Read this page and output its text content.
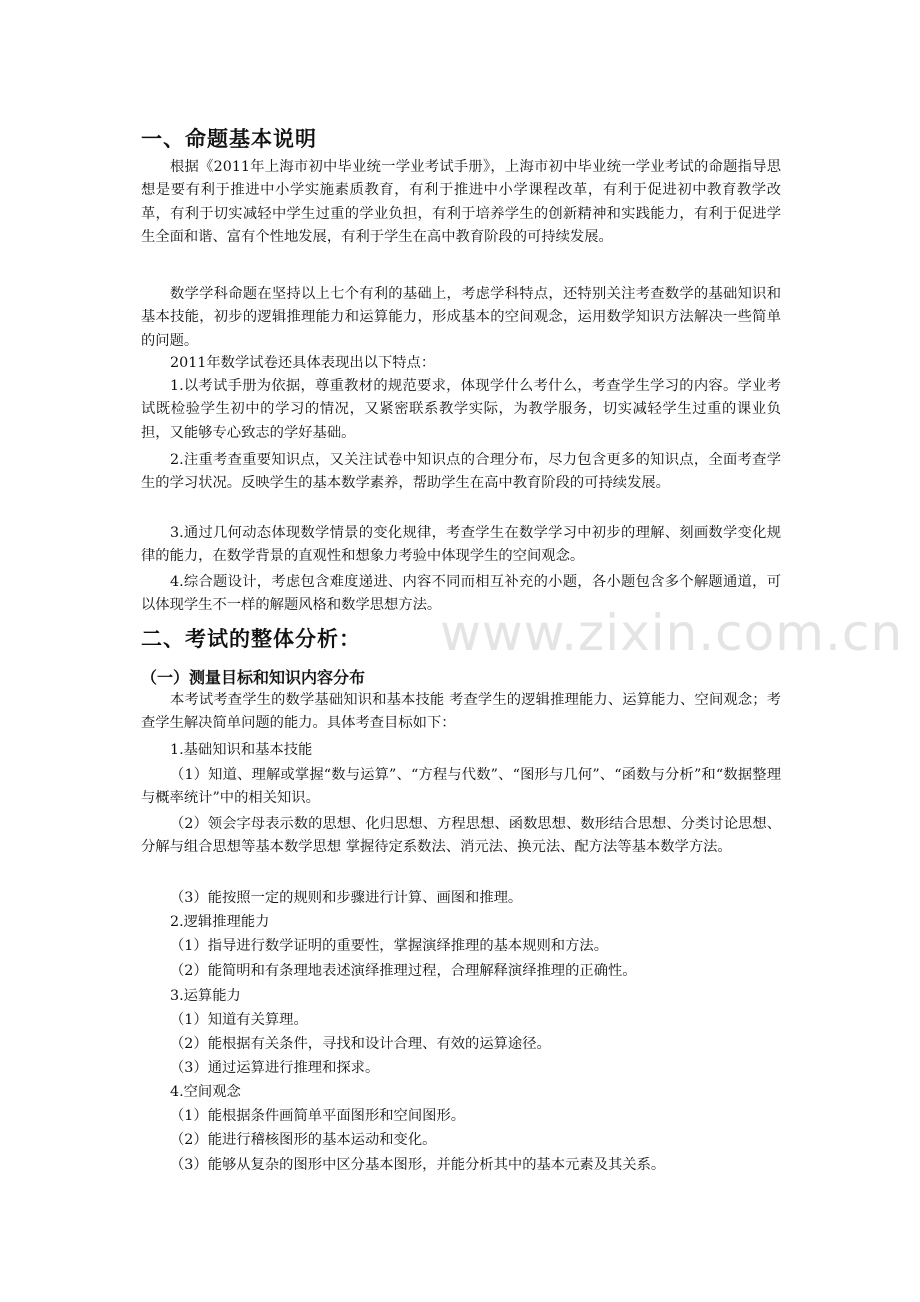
www.zixin.com.cn
一、命题基本说明

根据《2011年上海市初中毕业统一学业考试手册》，上海市初中毕业统一学业考试的命题指导思想是要有利于推进中小学实施素质教育，有利于推进中小学课程改革，有利于促进初中教育教学改革，有利于切实减轻中学生过重的学业负担，有利于培养学生的创新精神和实践能力，有利于促进学生全面和谐、富有个性地发展，有利于学生在高中教育阶段的可持续发展。

数学学科命题在坚持以上七个有利的基础上，考虑学科特点，还特别关注考查数学的基础知识和基本技能，初步的逻辑推理能力和运算能力，形成基本的空间观念，运用数学知识方法解决一些简单的问题。

2011年数学试卷还具体表现出以下特点：

1.以考试手册为依据，尊重教材的规范要求，体现学什么考什么，考查学生学习的内容。学业考试既检验学生初中的学习的情况，又紧密联系教学实际，为教学服务，切实减轻学生过重的课业负担，又能够专心致志的学好基础。

2.注重考查重要知识点，又关注试卷中知识点的合理分布，尽力包含更多的知识点，全面考查学生的学习状况。反映学生的基本数学素养，帮助学生在高中教育阶段的可持续发展。

3.通过几何动态体现数学情景的变化规律，考查学生在数学学习中初步的理解、刻画数学变化规律的能力，在数学背景的直观性和想象力考验中体现学生的空间观念。

4.综合题设计，考虑包含难度递进、内容不同而相互补充的小题，各小题包含多个解题通道，可以体现学生不一样的解题风格和数学思想方法。

二、考试的整体分析：
（一）测量目标和知识内容分布

本考试考查学生的数学基础知识和基本技能 考查学生的逻辑推理能力、运算能力、空间观念；考查学生解决简单问题的能力。具体考查目标如下：

1.基础知识和基本技能

（1）知道、理解或掌握“数与运算”、“方程与代数”、“图形与几何”、“函数与分析”和“数据整理与概率统计”中的相关知识。

（2）领会字母表示数的思想、化归思想、方程思想、函数思想、数形结合思想、分类讨论思想、分解与组合思想等基本数学思想 掌握待定系数法、消元法、换元法、配方法等基本数学方法。

（3）能按照一定的规则和步骤进行计算、画图和推理。
2.逻辑推理能力
（1）指导进行数学证明的重要性，掌握演绎推理的基本规则和方法。
（2）能简明和有条理地表述演绎推理过程，合理解释演绎推理的正确性。
3.运算能力
（1）知道有关算理。
（2）能根据有关条件，寻找和设计合理、有效的运算途径。
（3）通过运算进行推理和探求。
4.空间观念
（1）能根据条件画简单平面图形和空间图形。
（2）能进行稽核图形的基本运动和变化。
（3）能够从复杂的图形中区分基本图形，并能分析其中的基本元素及其关系。
